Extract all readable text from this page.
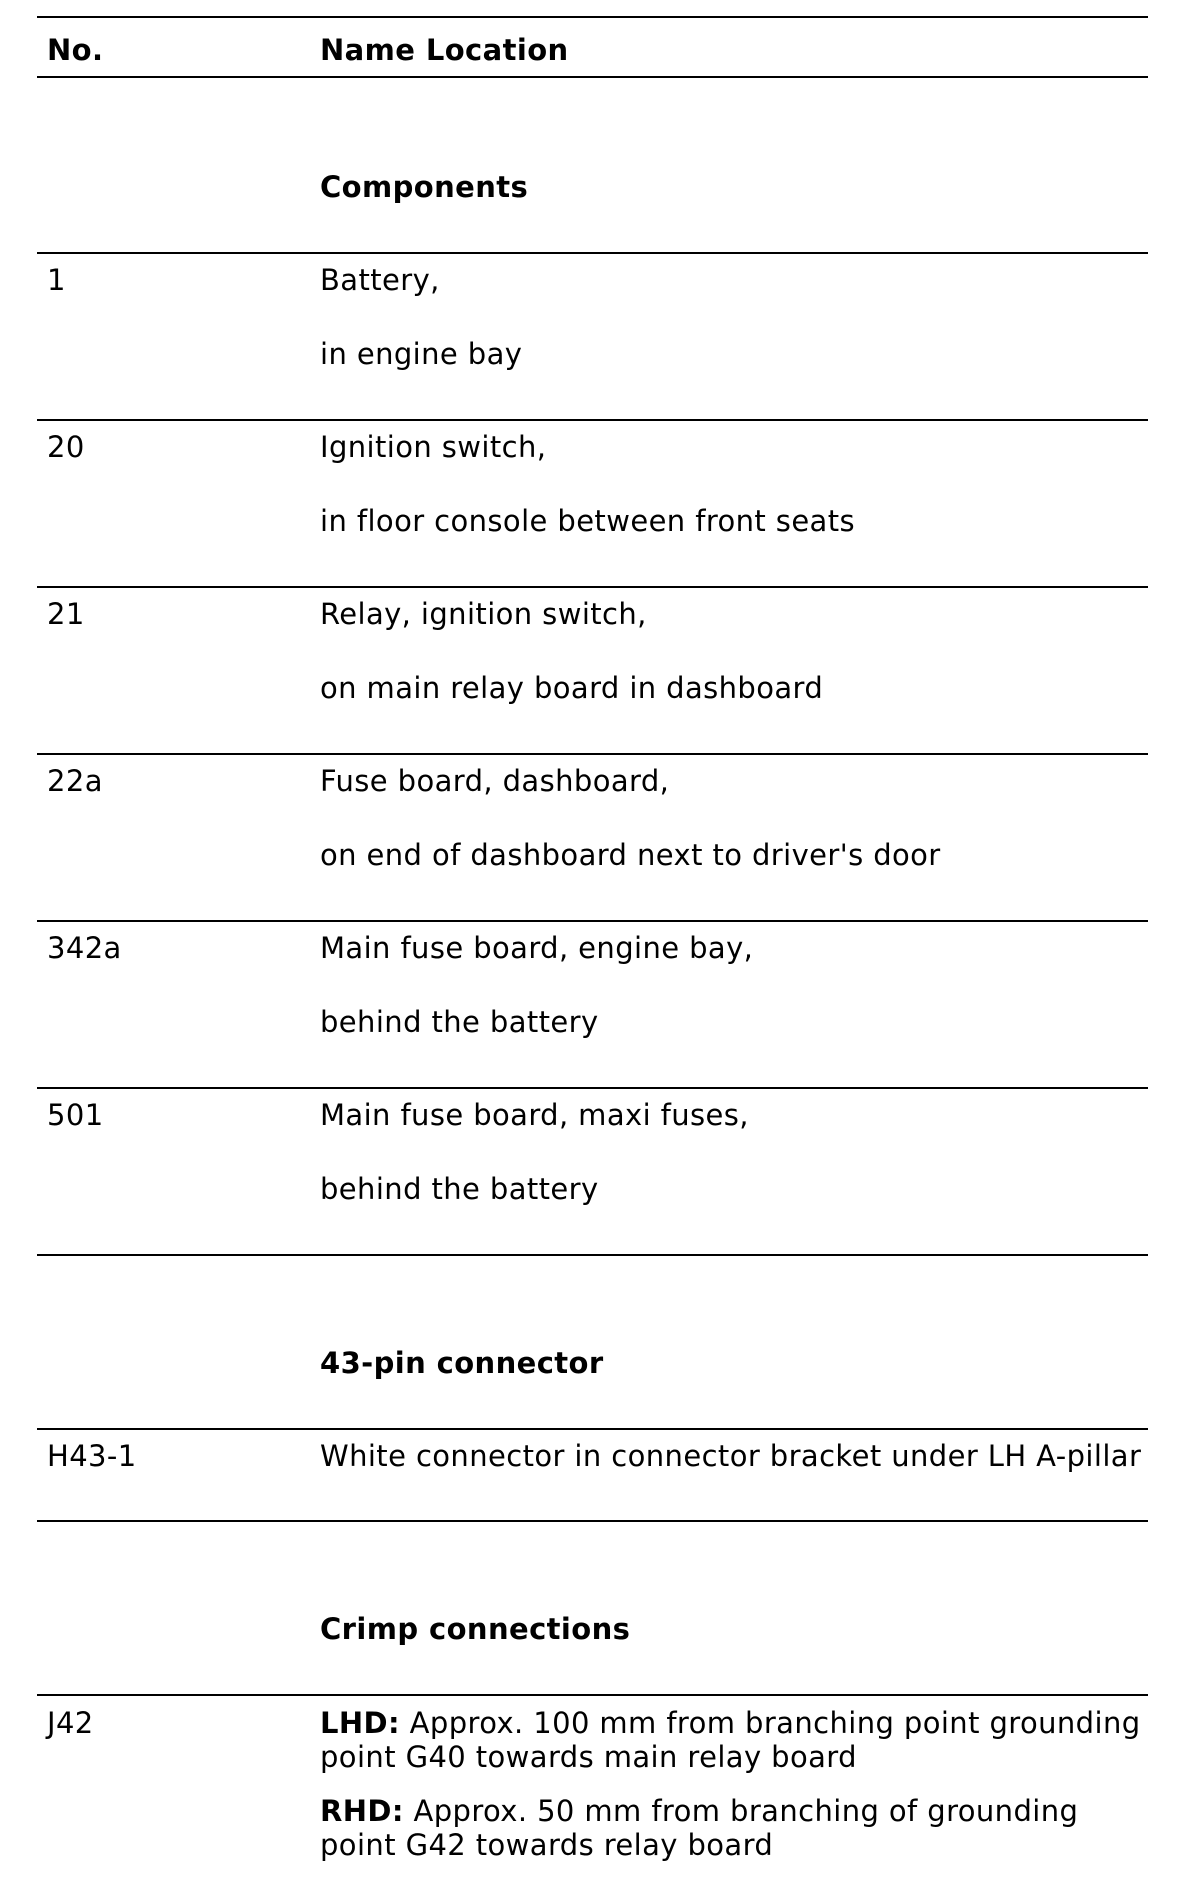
No.	Name Location
Components
1	Battery,
in engine bay
20	Ignition switch,
in floor console between front seats
21	Relay, ignition switch,
on main relay board in dashboard
22a	Fuse board, dashboard,
on end of dashboard next to driver's door
342a	Main fuse board, engine bay,
behind the battery
501	Main fuse board, maxi fuses,
behind the battery
43-pin connector
H43-1	White connector in connector bracket under LH A-pillar
Crimp connections
J42	LHD: Approx. 100 mm from branching point grounding point G40 towards main relay board
RHD: Approx. 50 mm from branching of grounding point G42 towards relay board
